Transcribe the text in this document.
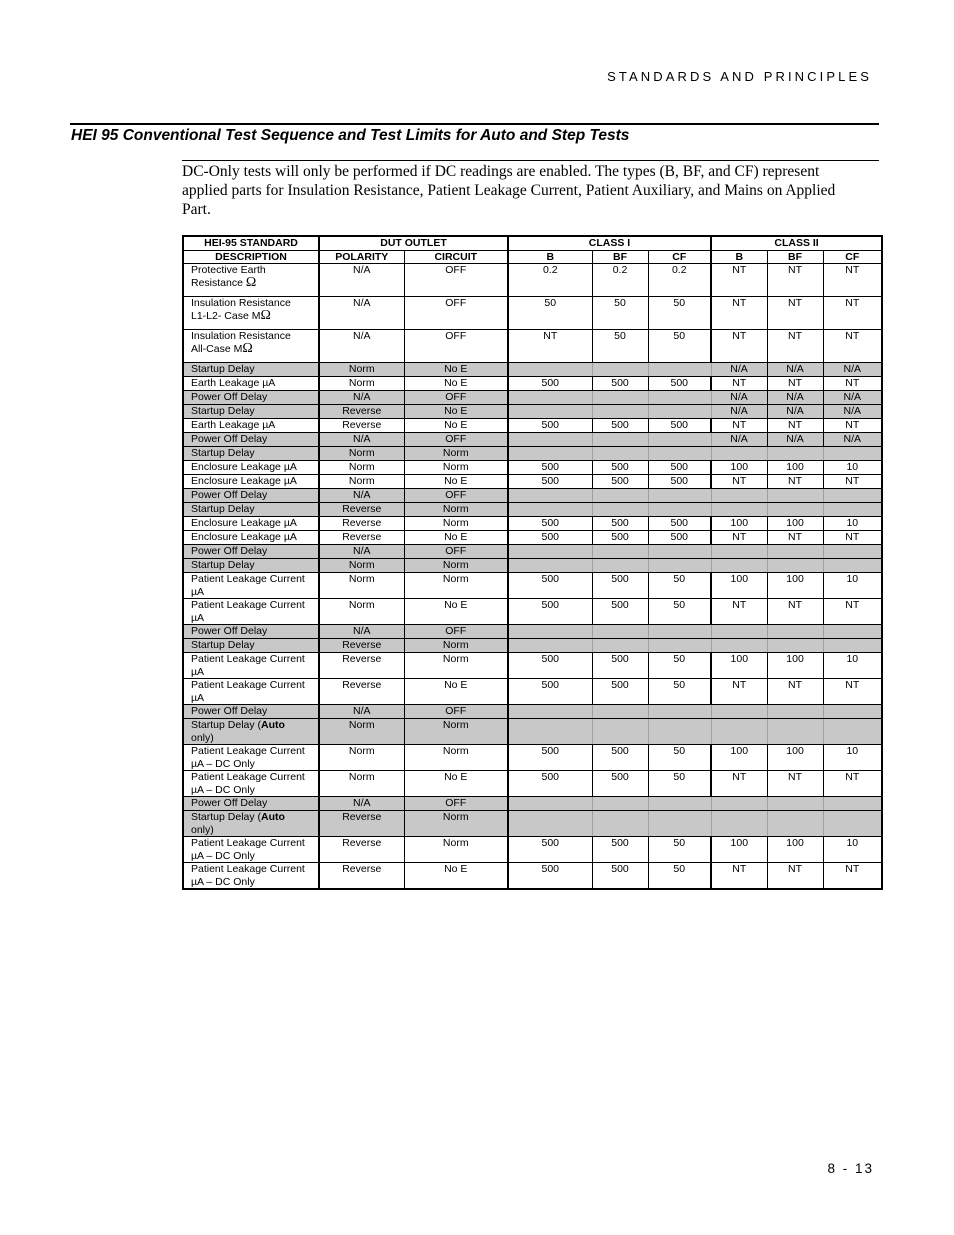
STANDARDS AND PRINCIPLES
HEI 95 Conventional Test Sequence and Test Limits for Auto and Step Tests

DC-Only tests will only be performed if DC readings are enabled. The types (B, BF, and CF) represent applied parts for Insulation Resistance, Patient Leakage Current, Patient Auxiliary, and Mains on Applied Part.

HEI-95 STANDARD	DUT OUTLET		CLASS I			CLASS II		
DESCRIPTION	POLARITY	CIRCUIT	B	BF	CF	B	BF	CF
Protective Earth
Resistance Ω	N/A	OFF	0.2	0.2	0.2	NT	NT	NT
Insulation Resistance
L1-L2- Case MΩ	N/A	OFF	50	50	50	NT	NT	NT
Insulation Resistance
All-Case MΩ	N/A	OFF	NT	50	50	NT	NT	NT
Startup Delay	Norm	No E				N/A	N/A	N/A
Earth Leakage µA	Norm	No E	500	500	500	NT	NT	NT
Power Off Delay	N/A	OFF				N/A	N/A	N/A
Startup Delay	Reverse	No E				N/A	N/A	N/A
Earth Leakage µA	Reverse	No E	500	500	500	NT	NT	NT
Power Off Delay	N/A	OFF				N/A	N/A	N/A
Startup Delay	Norm	Norm						
Enclosure Leakage µA	Norm	Norm	500	500	500	100	100	10
Enclosure Leakage µA	Norm	No E	500	500	500	NT	NT	NT
Power Off Delay	N/A	OFF						
Startup Delay	Reverse	Norm						
Enclosure Leakage µA	Reverse	Norm	500	500	500	100	100	10
Enclosure Leakage µA	Reverse	No E	500	500	500	NT	NT	NT
Power Off Delay	N/A	OFF						
Startup Delay	Norm	Norm						
Patient Leakage Current
µA	Norm	Norm	500	500	50	100	100	10
Patient Leakage Current
µA	Norm	No E	500	500	50	NT	NT	NT
Power Off Delay	N/A	OFF						
Startup Delay	Reverse	Norm						
Patient Leakage Current
µA	Reverse	Norm	500	500	50	100	100	10
Patient Leakage Current
µA	Reverse	No E	500	500	50	NT	NT	NT
Power Off Delay	N/A	OFF						
Startup Delay (Auto
only)	Norm	Norm						
Patient Leakage Current
µA – DC Only	Norm	Norm	500	500	50	100	100	10
Patient Leakage Current
µA – DC Only	Norm	No E	500	500	50	NT	NT	NT
Power Off Delay	N/A	OFF						
Startup Delay (Auto
only)	Reverse	Norm						
Patient Leakage Current
µA – DC Only	Reverse	Norm	500	500	50	100	100	10
Patient Leakage Current
µA – DC Only	Reverse	No E	500	500	50	NT	NT	NT
8 - 13
